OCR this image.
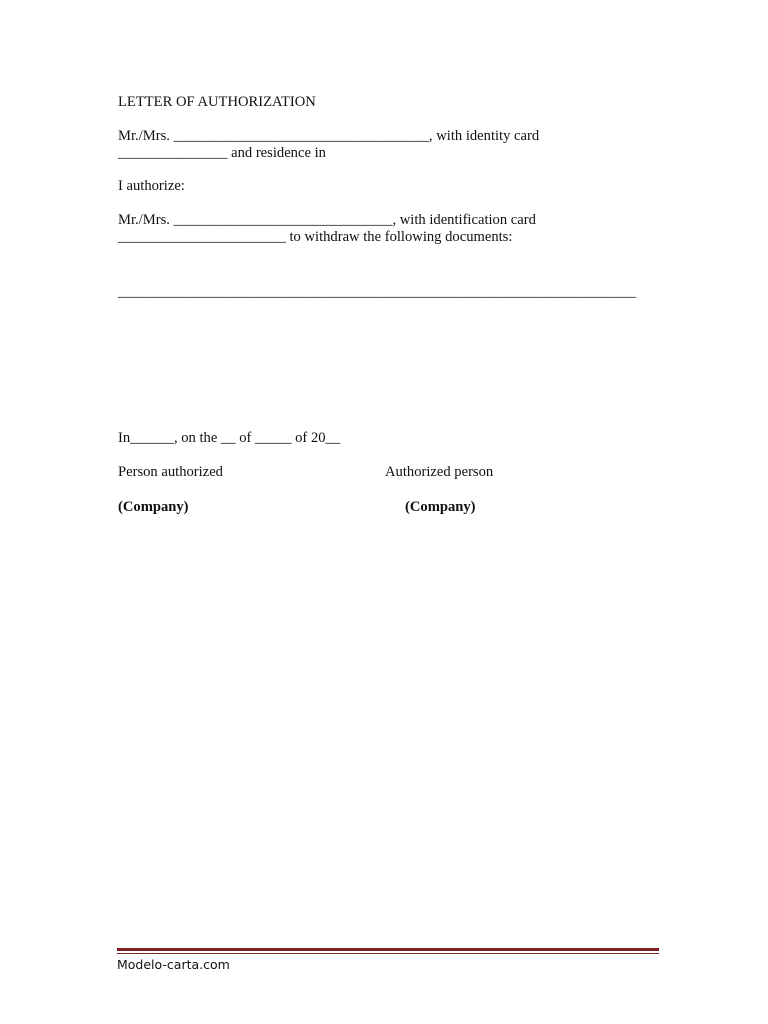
LETTER OF AUTHORIZATION
Mr./Mrs. ___________________________________, with identity card
_______________ and residence in
I authorize:
Mr./Mrs. ______________________________, with identification card
_______________________ to withdraw the following documents:
_______________________________________________________________________
In______, on the __ of _____ of 20__
Person authorized	Authorized person
(Company)	(Company)
Modelo-carta.com
